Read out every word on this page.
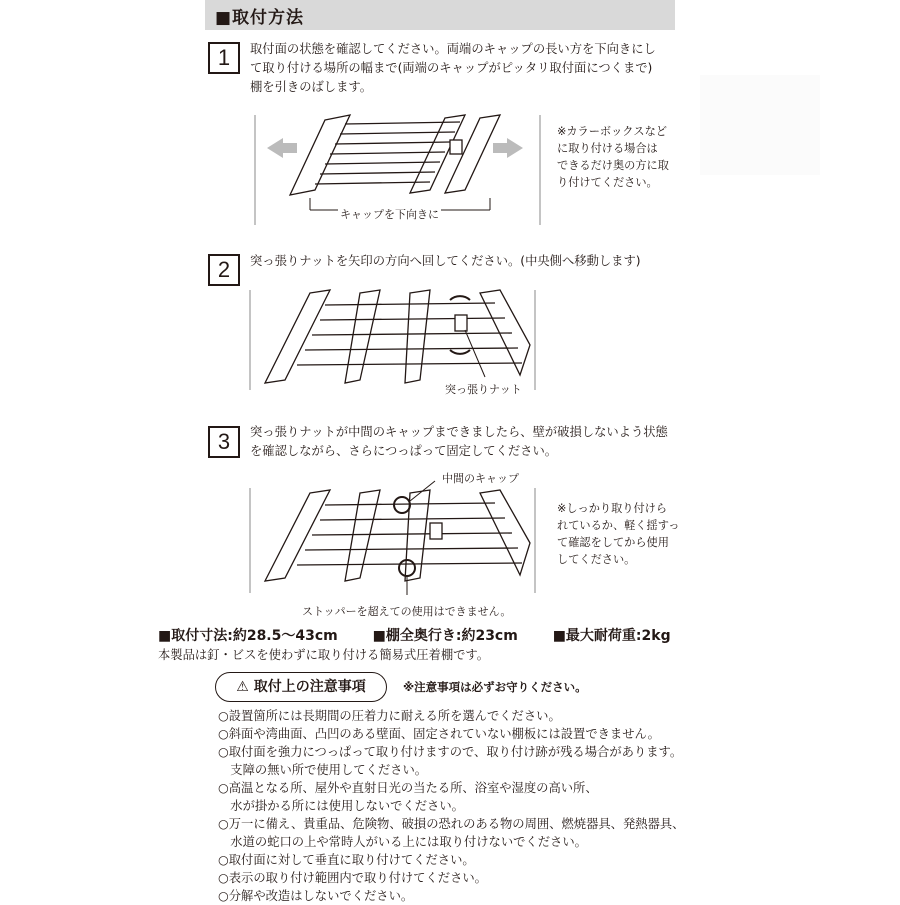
■取付方法
1	取付面の状態を確認してください。両端のキャップの長い方を下向きにし
て取り付ける場所の幅まで(両端のキャップがピッタリ取付面につくまで)
棚を引きのばします。
キャップを下向きに
※カラーボックスなど
に取り付ける場合は
できるだけ奥の方に取
り付けてください。
2	突っ張りナットを矢印の方向へ回してください。(中央側へ移動します)
突っ張りナット
3	突っ張りナットが中間のキャップまできましたら、壁が破損しないよう状態
を確認しながら、さらにつっぱって固定してください。
中間のキャップ
ストッパーを超えての使用はできません。
※しっかり取り付けら
れているか、軽く揺すっ
て確認をしてから使用
してください。
■取付寸法:約28.5〜43cm ■棚全奥行き:約23cm ■最大耐荷重:2kg
本製品は釘・ビスを使わずに取り付ける簡易式圧着棚です。
⚠ 取付上の注意事項	※注意事項は必ずお守りください。
○設置箇所には長期間の圧着力に耐える所を選んでください。
○斜面や湾曲面、凸凹のある壁面、固定されていない棚板には設置できません。
○取付面を強力につっぱって取り付けますので、取り付け跡が残る場合があります。
　支障の無い所で使用してください。
○高温となる所、屋外や直射日光の当たる所、浴室や湿度の高い所、
　水が掛かる所には使用しないでください。
○万一に備え、貴重品、危険物、破損の恐れのある物の周囲、燃焼器具、発熱器具、
　水道の蛇口の上や常時人がいる上には取り付けないでください。
○取付面に対して垂直に取り付けてください。
○表示の取り付け範囲内で取り付けてください。
○分解や改造はしないでください。
